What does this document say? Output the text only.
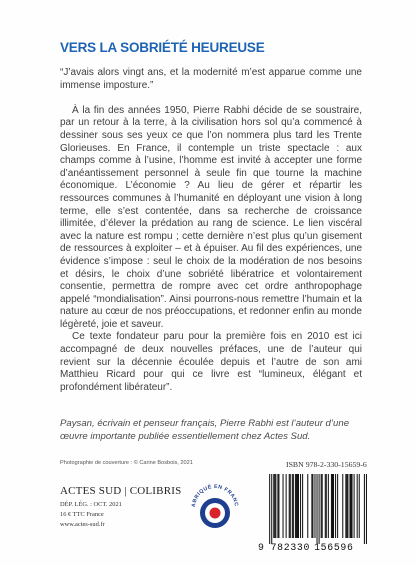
VERS LA SOBRIÉTÉ HEUREUSE

“J’avais alors vingt ans, et la modernité m’est apparue comme une immense imposture.”

À la fin des années 1950, Pierre Rabhi décide de se soustraire, par un retour à la terre, à la civilisation hors sol qu’a commencé à dessiner sous ses yeux ce que l’on nommera plus tard les Trente Glorieuses. En France, il contemple un triste spectacle : aux champs comme à l’usine, l’homme est invité à accepter une forme d’anéantissement personnel à seule fin que tourne la machine économique. L’économie ? Au lieu de gérer et répartir les ressources communes à l’humanité en déployant une vision à long terme, elle s’est contentée, dans sa recherche de croissance illimitée, d’élever la prédation au rang de science. Le lien viscéral avec la nature est rompu ; cette dernière n’est plus qu’un gisement de ressources à exploiter – et à épuiser. Au fil des expériences, une évidence s’impose : seul le choix de la modération de nos besoins et désirs, le choix d’une sobriété libératrice et volontairement consentie, permettra de rompre avec cet ordre anthropophage appelé “mondialisation”. Ainsi pourrons-nous remettre l’humain et la nature au cœur de nos préoccupations, et redonner enfin au monde légèreté, joie et saveur.

Ce texte fondateur paru pour la première fois en 2010 est ici accompagné de deux nouvelles préfaces, une de l’auteur qui revient sur la décennie écoulée depuis et l’autre de son ami Matthieu Ricard pour qui ce livre est “lumineux, élégant et profondément libérateur”.

Paysan, écrivain et penseur français, Pierre Rabhi est l’auteur d’une œuvre importante publiée essentiellement chez Actes Sud.
Photographie de couverture : © Carine Bosbois, 2021	ISBN 978-2-330-15659-6
ACTES SUD | COLIBRIS
DÉP. LÉG. : OCT. 2021
16 € TTC France
www.actes-sud.fr
ABRIQUÉ EN FRANC
9 782330 156596
